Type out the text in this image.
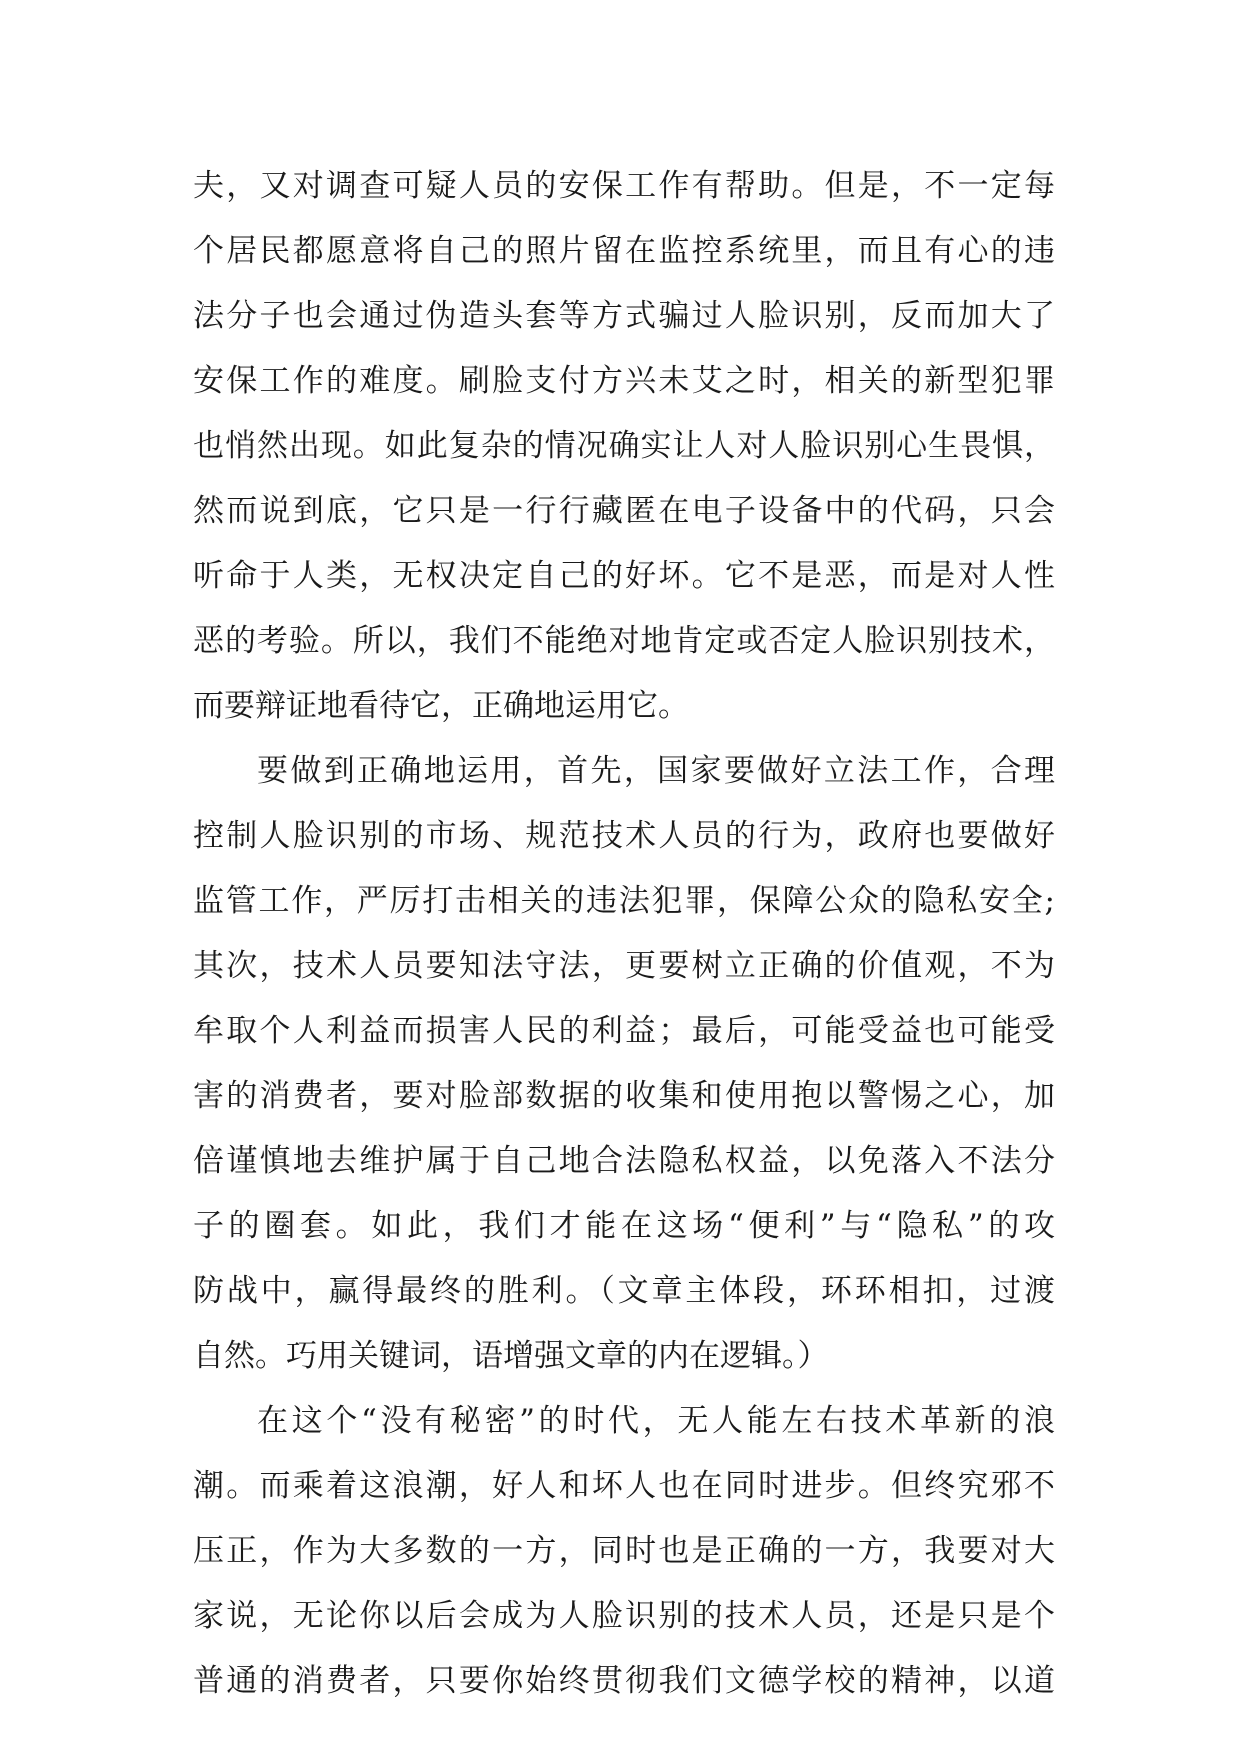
夫，又对调查可疑人员的安保工作有帮助。但是，不一定每
个居民都愿意将自己的照片留在监控系统里，而且有心的违
法分子也会通过伪造头套等方式骗过人脸识别，反而加大了
安保工作的难度。刷脸支付方兴未艾之时，相关的新型犯罪
也悄然出现。如此复杂的情况确实让人对人脸识别心生畏惧，
然而说到底，它只是一行行藏匿在电子设备中的代码，只会
听命于人类，无权决定自己的好坏。它不是恶，而是对人性
恶的考验。所以，我们不能绝对地肯定或否定人脸识别技术，
而要辩证地看待它，正确地运用它。
要做到正确地运用，首先，国家要做好立法工作，合理
控制人脸识别的市场、规范技术人员的行为，政府也要做好
监管工作，严厉打击相关的违法犯罪，保障公众的隐私安全;
其次，技术人员要知法守法，更要树立正确的价值观，不为
牟取个人利益而损害人民的利益；最后，可能受益也可能受
害的消费者，要对脸部数据的收集和使用抱以警惕之心，加
倍谨慎地去维护属于自己地合法隐私权益，以免落入不法分
子的圈套。如此，我们才能在这场“便利”与“隐私”的攻
防战中，赢得最终的胜利。（文章主体段，环环相扣，过渡
自然。巧用关键词，语增强文章的内在逻辑。）
在这个“没有秘密”的时代，无人能左右技术革新的浪
潮。而乘着这浪潮，好人和坏人也在同时进步。但终究邪不
压正，作为大多数的一方，同时也是正确的一方，我要对大
家说，无论你以后会成为人脸识别的技术人员，还是只是个
普通的消费者，只要你始终贯彻我们文德学校的精神，以道
